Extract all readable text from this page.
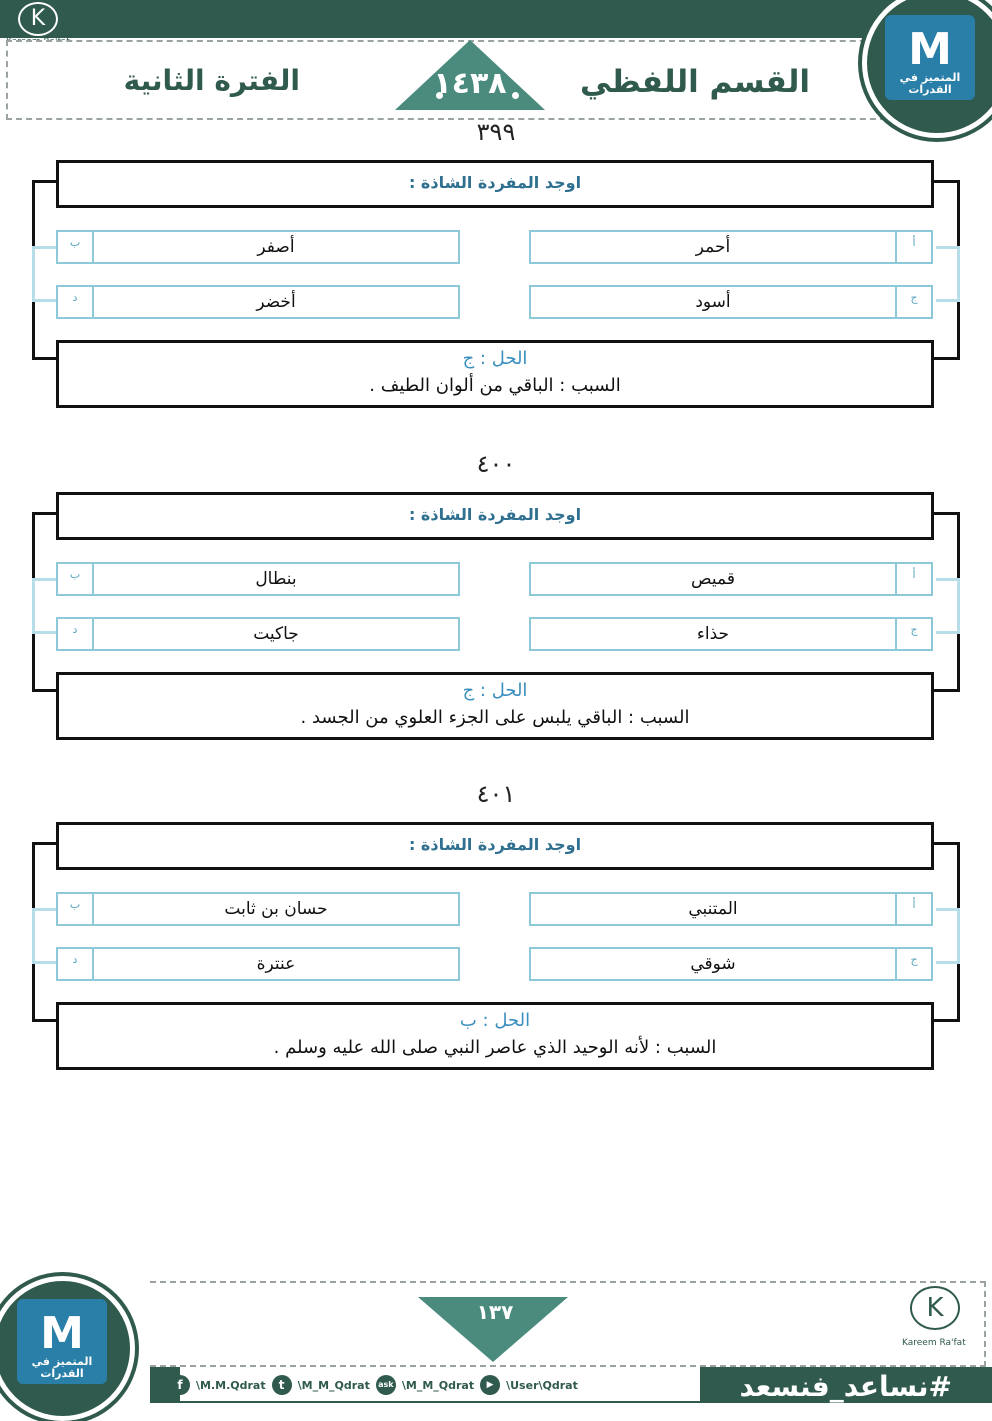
K
١٤٣٨	القسم اللفظي
الفترة الثانية
M
المتميز في القدرات
٣٩٩
اوجد المفردة الشاذة :
ب	أصفر	أحمر	أ
د	أخضر	أسود	ج
الحل : ج
السبب : الباقي من ألوان الطيف .
٤٠٠
اوجد المفردة الشاذة :
ب	بنطال	قميص	أ
د	جاكيت	حذاء	ج
الحل : ج
السبب : الباقي يلبس على الجزء العلوي من الجسد .
٤٠١
اوجد المفردة الشاذة :
ب	حسان بن ثابت	المتنبي	أ
د	عنترة	شوقي	ج
الحل : ب
السبب : لأنه الوحيد الذي عاصر النبي صلى الله عليه وسلم .
١٣٧
M
المتميز في القدرات
K
Kareem Ra'fat
f	\M.M.Qdrat	t	\M_M_Qdrat ask \M_M_Qdrat	▶	\User\Qdrat	#نساعد_فنسعد
